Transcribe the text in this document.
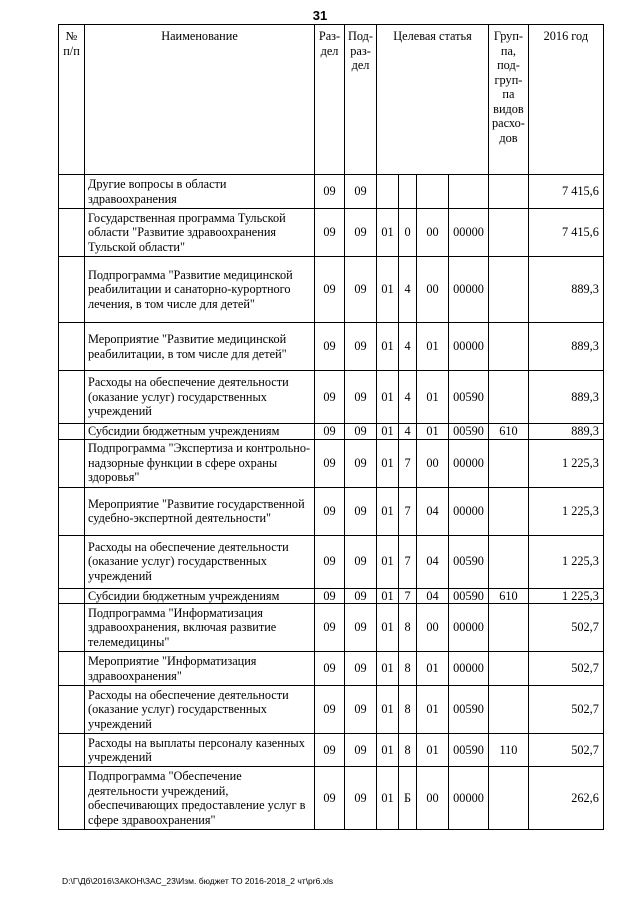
31
№ п/п	Наименование	Раз-дел	Под-раз-дел	Целевая статья				Груп-па, под-груп-па видов расхо-дов	2016 год
	Другие вопросы в области здравоохранения	09	09						7 415,6
	Государственная программа Тульской области "Развитие здравоохранения Тульской области"	09	09	01	0	00	00000		7 415,6
	Подпрограмма "Развитие медицинской реабилитации и санаторно-курортного лечения, в том числе для детей"	09	09	01	4	00	00000		889,3
	Мероприятие "Развитие медицинской реабилитации, в том числе для детей"	09	09	01	4	01	00000		889,3
	Расходы на обеспечение деятельности (оказание услуг) государственных учреждений	09	09	01	4	01	00590		889,3
	Субсидии бюджетным учреждениям	09	09	01	4	01	00590	610	889,3
	Подпрограмма "Экспертиза и контрольно-надзорные функции в сфере охраны здоровья"	09	09	01	7	00	00000		1 225,3
	Мероприятие "Развитие государственной судебно-экспертной деятельности"	09	09	01	7	04	00000		1 225,3
	Расходы на обеспечение деятельности (оказание услуг) государственных учреждений	09	09	01	7	04	00590		1 225,3
	Субсидии бюджетным учреждениям	09	09	01	7	04	00590	610	1 225,3
	Подпрограмма "Информатизация здравоохранения, включая развитие телемедицины"	09	09	01	8	00	00000		502,7
	Мероприятие "Информатизация здравоохранения"	09	09	01	8	01	00000		502,7
	Расходы на обеспечение деятельности (оказание услуг) государственных учреждений	09	09	01	8	01	00590		502,7
	Расходы на выплаты персоналу казенных учреждений	09	09	01	8	01	00590	110	502,7
	Подпрограмма "Обеспечение деятельности учреждений, обеспечивающих предоставление услуг в сфере здравоохранения"	09	09	01	Б	00	00000		262,6
D:\Г\Дб\2016\ЗАКОН\ЗАС_23\Изм. бюджет ТО 2016-2018_2 чт\pr6.xls
